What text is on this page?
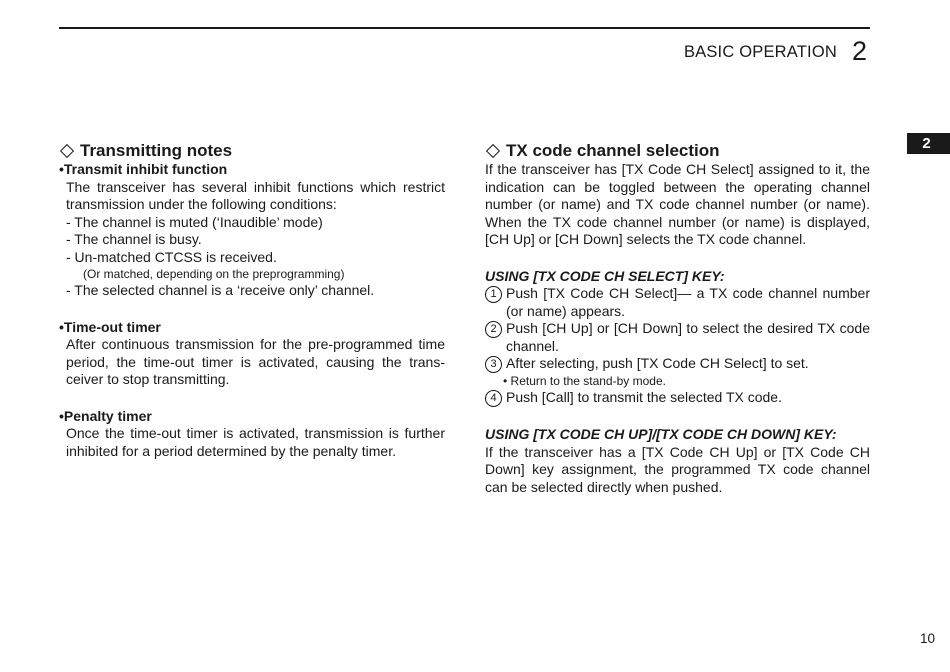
BASIC OPERATION 2
2

Transmitting notes

•Transmit inhibit function

The transceiver has several inhibit functions which restrict transmission under the following conditions:

- The channel is muted (‘Inaudible’ mode)

- The channel is busy.

- Un-matched CTCSS is received.

(Or matched, depending on the preprogramming)

- The selected channel is a ‘receive only’ channel.

•Time-out timer

After continuous transmission for the pre-programmed time period, the time-out timer is activated, causing the trans-ceiver to stop transmitting.

•Penalty timer

Once the time-out timer is activated, transmission is further inhibited for a period determined by the penalty timer.

TX code channel selection

If the transceiver has [TX Code CH Select] assigned to it, the indication can be toggled between the operating channel number (or name) and TX code channel number (or name). When the TX code channel number (or name) is displayed, [CH Up] or [CH Down] selects the TX code channel.

USING [TX CODE CH SELECT] KEY:

1 Push [TX Code CH Select]— a TX code channel number (or name) appears.
2 Push [CH Up] or [CH Down] to select the desired TX code channel.
3 After selecting, push [TX Code CH Select] to set.

• Return to the stand-by mode.

4 Push [Call] to transmit the selected TX code.

USING [TX CODE CH UP]/[TX CODE CH DOWN] KEY:

If the transceiver has a [TX Code CH Up] or [TX Code CH Down] key assignment, the programmed TX code channel can be selected directly when pushed.

10
